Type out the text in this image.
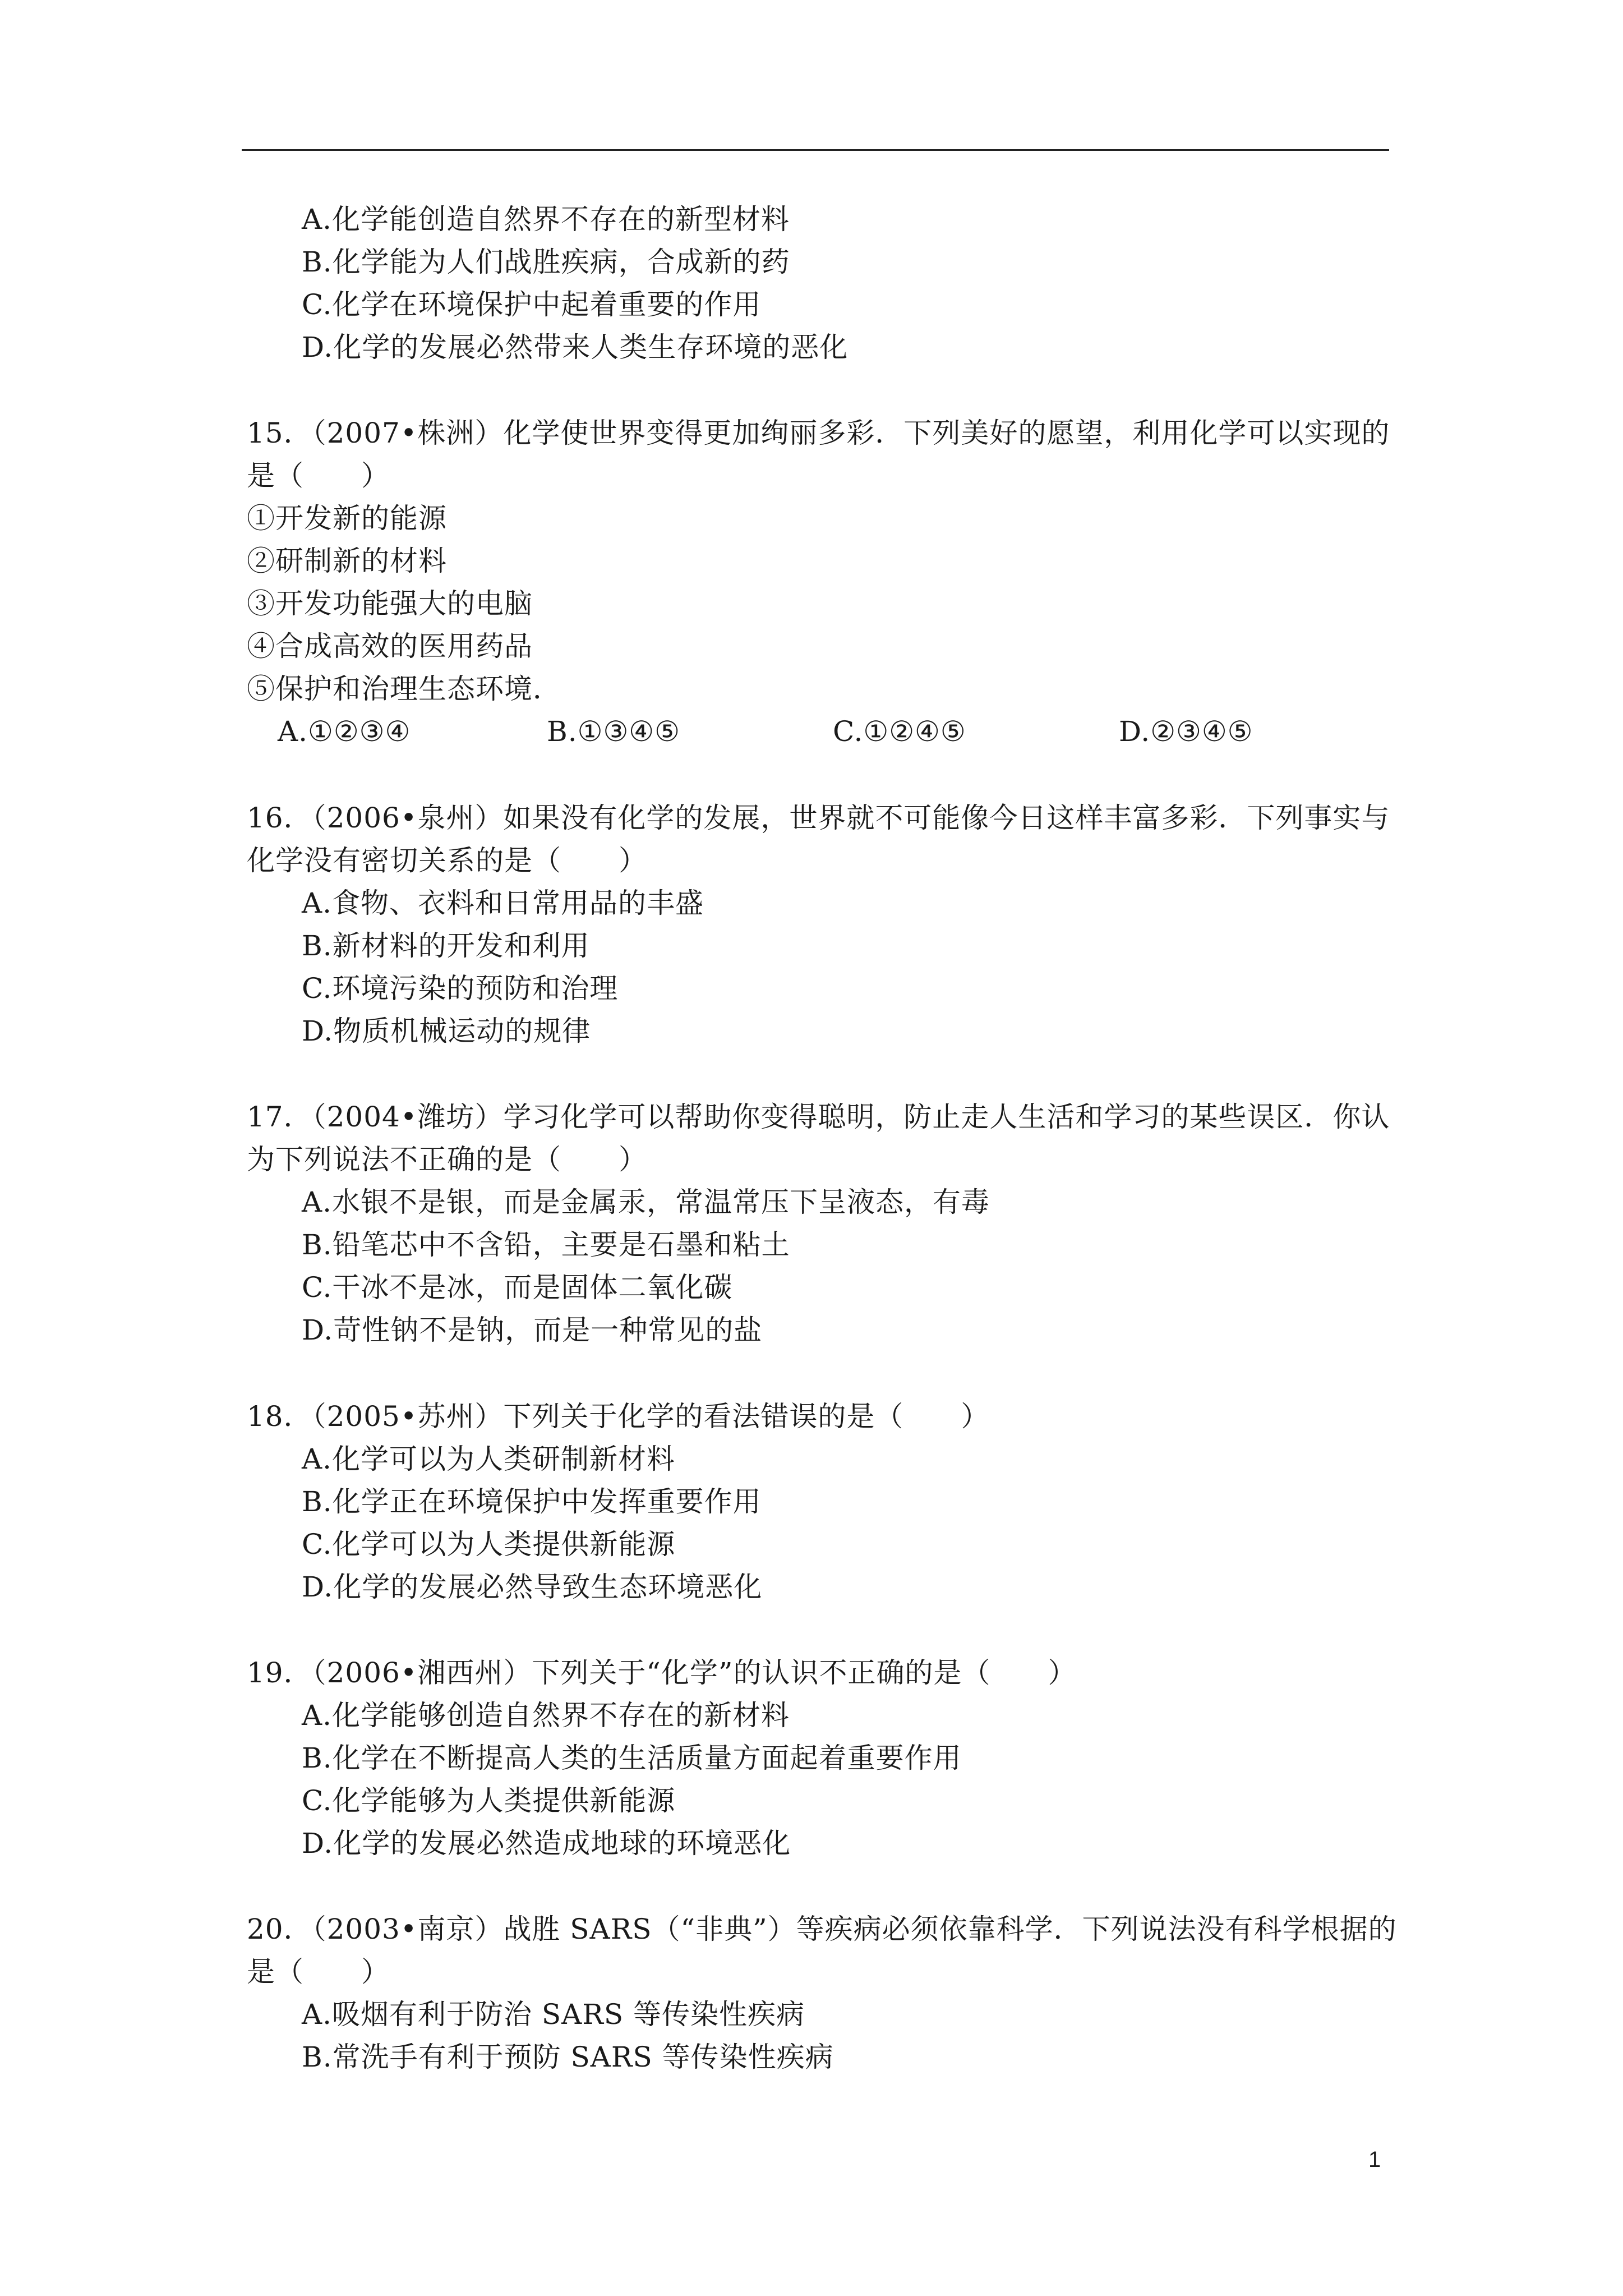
A.化学能创造自然界不存在的新型材料
B.化学能为人们战胜疾病，合成新的药
C.化学在环境保护中起着重要的作用
D.化学的发展必然带来人类生存环境的恶化
15．（2007•株洲）化学使世界变得更加绚丽多彩．下列美好的愿望，利用化学可以实现的
是（　　）
①开发新的能源
②研制新的材料
③开发功能强大的电脑
④合成高效的医用药品
⑤保护和治理生态环境．
A.①②③④	B.①③④⑤	C.①②④⑤	D.②③④⑤
16．（2006•泉州）如果没有化学的发展，世界就不可能像今日这样丰富多彩．下列事实与
化学没有密切关系的是（　　）
A.食物、衣料和日常用品的丰盛
B.新材料的开发和利用
C.环境污染的预防和治理
D.物质机械运动的规律
17．（2004•潍坊）学习化学可以帮助你变得聪明，防止走人生活和学习的某些误区．你认
为下列说法不正确的是（　　）
A.水银不是银，而是金属汞，常温常压下呈液态，有毒
B.铅笔芯中不含铅，主要是石墨和粘土
C.干冰不是冰，而是固体二氧化碳
D.苛性钠不是钠，而是一种常见的盐
18．（2005•苏州）下列关于化学的看法错误的是（　　）
A.化学可以为人类研制新材料
B.化学正在环境保护中发挥重要作用
C.化学可以为人类提供新能源
D.化学的发展必然导致生态环境恶化
19．（2006•湘西州）下列关于“化学”的认识不正确的是（　　）
A.化学能够创造自然界不存在的新材料
B.化学在不断提高人类的生活质量方面起着重要作用
C.化学能够为人类提供新能源
D.化学的发展必然造成地球的环境恶化
20．（2003•南京）战胜 SARS（“非典”）等疾病必须依靠科学．下列说法没有科学根据的
是（　　）
A.吸烟有利于防治 SARS 等传染性疾病
B.常洗手有利于预防 SARS 等传染性疾病
1
